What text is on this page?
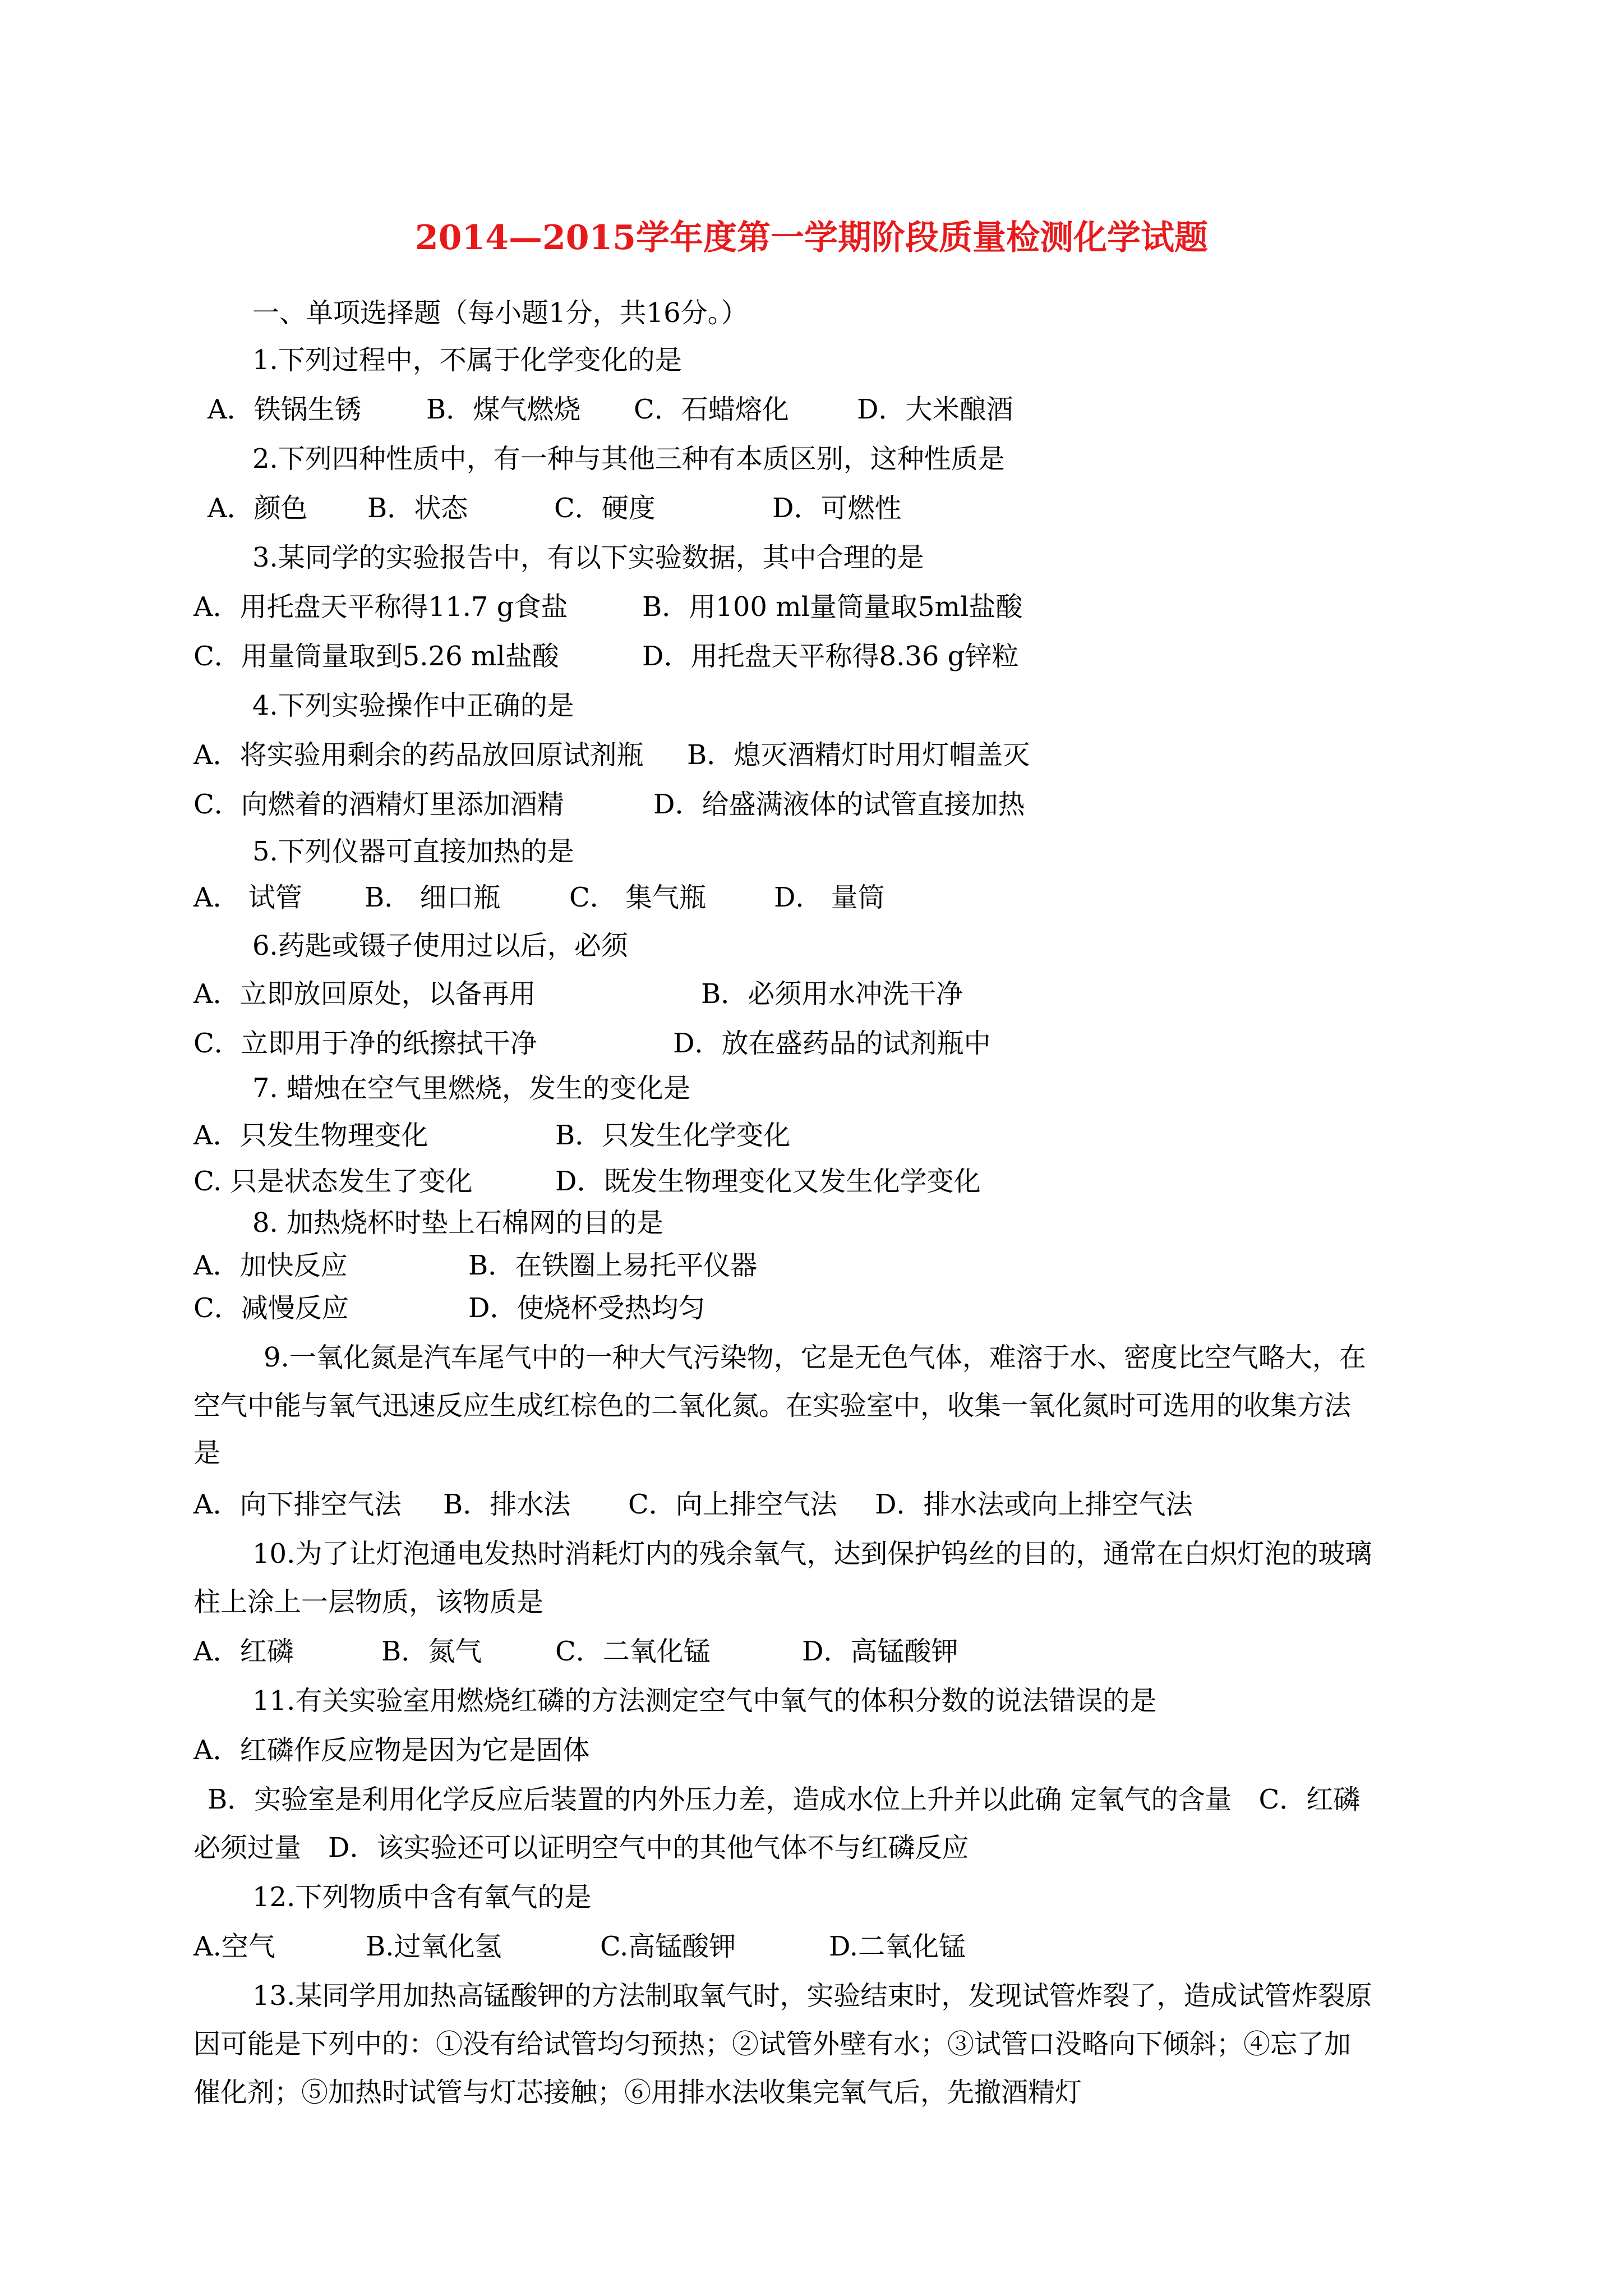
2014—2015学年度第一学期阶段质量检测化学试题
一、单项选择题（每小题1分，共16分。）
1.下列过程中，不属于化学变化的是
A．铁锅生锈 B．煤气燃烧 C．石蜡熔化	D．大米酿酒
2.下列四种性质中，有一种与其他三种有本质区别，这种性质是
A．颜色 B．状态	C．硬度	D．可燃性
3.某同学的实验报告中，有以下实验数据，其中合理的是
A．用托盘天平称得11.7 g食盐	B．用100 ml量筒量取5ml盐酸
C．用量筒量取到5.26 ml盐酸	D．用托盘天平称得8.36 g锌粒
4.下列实验操作中正确的是
A．将实验用剩余的药品放回原试剂瓶 B．熄灭酒精灯时用灯帽盖灭
C．向燃着的酒精灯里添加酒精	D．给盛满液体的试管直接加热
5.下列仪器可直接加热的是
A． 试管 B． 细口瓶	C． 集气瓶	D． 量筒
6.药匙或镊子使用过以后，必须
A．立即放回原处，以备再用	B．必须用水冲洗干净
C．立即用于净的纸擦拭干净	D．放在盛药品的试剂瓶中
7. 蜡烛在空气里燃烧，发生的变化是
A．只发生物理变化	B．只发生化学变化
C. 只是状态发生了变化	D．既发生物理变化又发生化学变化
8. 加热烧杯时垫上石棉网的目的是
A．加快反应	B．在铁圈上易托平仪器
C．减慢反应	D．使烧杯受热均匀
9.一氧化氮是汽车尾气中的一种大气污染物，它是无色气体，难溶于水、密度比空气略大，在
空气中能与氧气迅速反应生成红棕色的二氧化氮。在实验室中，收集一氧化氮时可选用的收集方法
是
A．向下排空气法 B．排水法 C．向上排空气法 D．排水法或向上排空气法
10.为了让灯泡通电发热时消耗灯内的残余氧气，达到保护钨丝的目的，通常在白炽灯泡的玻璃
柱上涂上一层物质，该物质是
A．红磷	B．氮气	C．二氧化锰	D．高锰酸钾
11.有关实验室用燃烧红磷的方法测定空气中氧气的体积分数的说法错误的是
A．红磷作反应物是因为它是固体
B．实验室是利用化学反应后装置的内外压力差，造成水位上升并以此确 定氧气的含量　C．红磷
必须过量　D．该实验还可以证明空气中的其他气体不与红磷反应
12.下列物质中含有氧气的是
A.空气	B.过氧化氢	C.高锰酸钾	D.二氧化锰
13.某同学用加热高锰酸钾的方法制取氧气时，实验结束时，发现试管炸裂了，造成试管炸裂原
因可能是下列中的：①没有给试管均匀预热；②试管外壁有水；③试管口没略向下倾斜；④忘了加
催化剂；⑤加热时试管与灯芯接触；⑥用排水法收集完氧气后，先撤酒精灯
